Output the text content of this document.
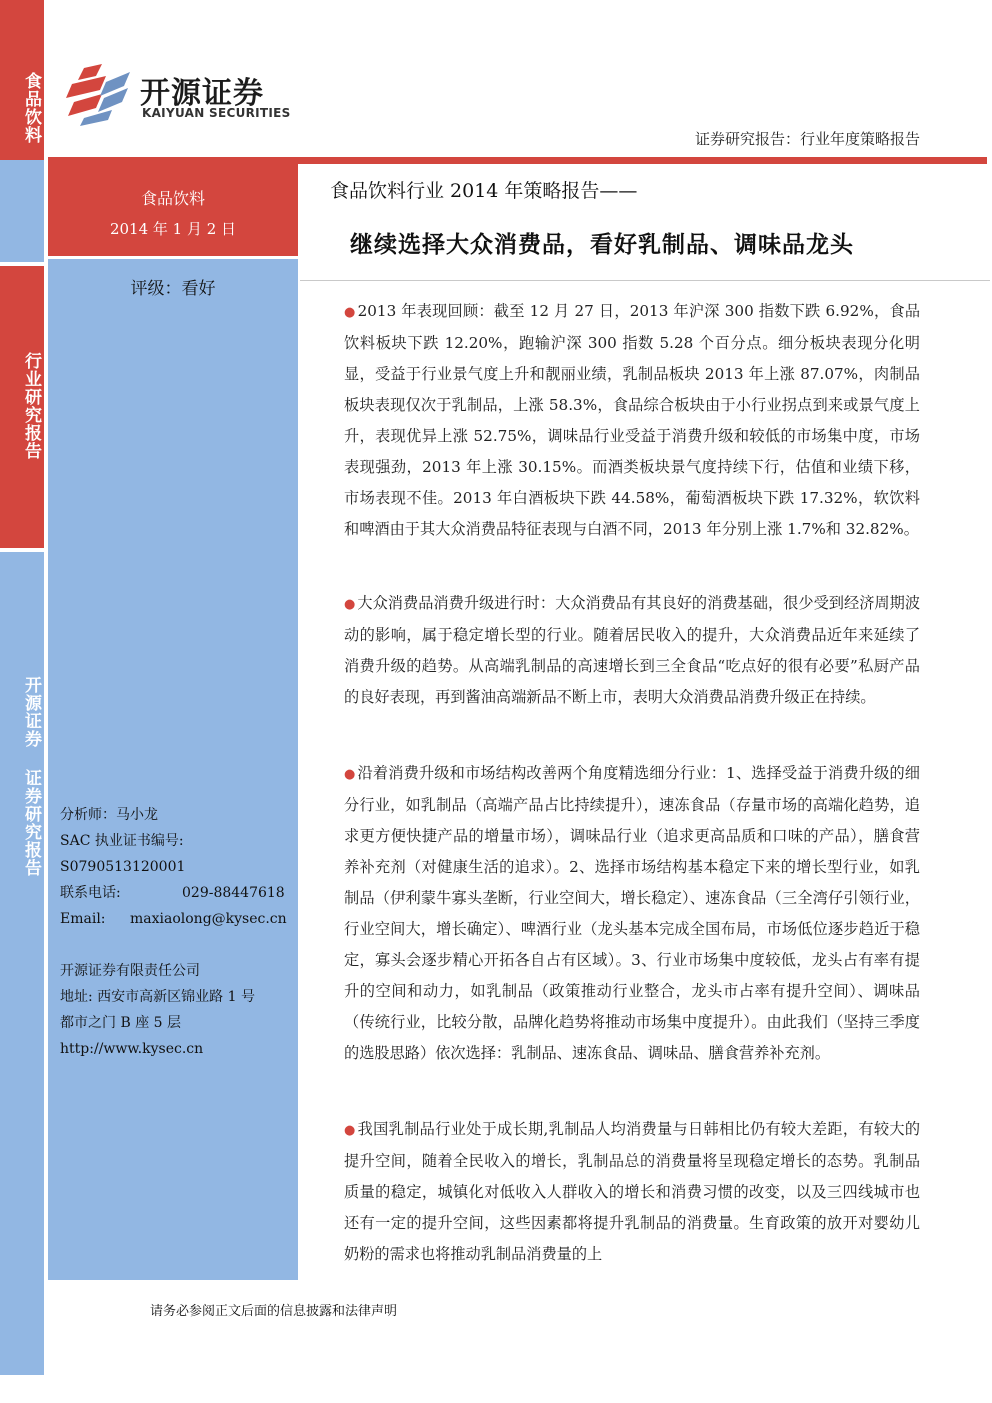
食品饮料
行业研究报告
开源证券 证券研究报告
开源证券
KAIYUAN SECURITIES
证券研究报告：行业年度策略报告
食品饮料
2014 年 1 月 2 日
评级：看好
分析师：马小龙
SAC 执业证书编号:
S0790513120001
联系电话:	029-88447618
Email: maxiaolong@kysec.cn
开源证券有限责任公司
地址: 西安市高新区锦业路 1 号
都市之门 B 座 5 层
http://www.kysec.cn
食品饮料行业 2014 年策略报告——
继续选择大众消费品，看好乳制品、调味品龙头
● 2013 年表现回顾：截至 12 月 27 日，2013 年沪深 300 指数下跌 6.92%，食品饮料板块下跌 12.20%，跑输沪深 300 指数 5.28 个百分点。细分板块表现分化明显，受益于行业景气度上升和靓丽业绩，乳制品板块 2013 年上涨 87.07%，肉制品板块表现仅次于乳制品，上涨 58.3%，食品综合板块由于小行业拐点到来或景气度上升，表现优异上涨 52.75%，调味品行业受益于消费升级和较低的市场集中度，市场表现强劲，2013 年上涨 30.15%。而酒类板块景气度持续下行，估值和业绩下移，市场表现不佳。2013 年白酒板块下跌 44.58%，葡萄酒板块下跌 17.32%，软饮料和啤酒由于其大众消费品特征表现与白酒不同，2013 年分别上涨 1.7%和 32.82%。
● 大众消费品消费升级进行时：大众消费品有其良好的消费基础，很少受到经济周期波动的影响，属于稳定增长型的行业。随着居民收入的提升，大众消费品近年来延续了消费升级的趋势。从高端乳制品的高速增长到三全食品“吃点好的很有必要”私厨产品的良好表现，再到酱油高端新品不断上市，表明大众消费品消费升级正在持续。
● 沿着消费升级和市场结构改善两个角度精选细分行业：1、选择受益于消费升级的细分行业，如乳制品（高端产品占比持续提升），速冻食品（存量市场的高端化趋势，追求更方便快捷产品的增量市场），调味品行业（追求更高品质和口味的产品），膳食营养补充剂（对健康生活的追求）。2、选择市场结构基本稳定下来的增长型行业，如乳制品（伊利蒙牛寡头垄断，行业空间大，增长稳定）、速冻食品（三全湾仔引领行业，行业空间大，增长确定）、啤酒行业（龙头基本完成全国布局，市场低位逐步趋近于稳定，寡头会逐步精心开拓各自占有区域）。3、行业市场集中度较低，龙头占有率有提升的空间和动力，如乳制品（政策推动行业整合，龙头市占率有提升空间）、调味品（传统行业，比较分散，品牌化趋势将推动市场集中度提升）。由此我们（坚持三季度的选股思路）依次选择：乳制品、速冻食品、调味品、膳食营养补充剂。
● 我国乳制品行业处于成长期,乳制品人均消费量与日韩相比仍有较大差距，有较大的提升空间，随着全民收入的增长，乳制品总的消费量将呈现稳定增长的态势。乳制品质量的稳定，城镇化对低收入人群收入的增长和消费习惯的改变，以及三四线城市也还有一定的提升空间，这些因素都将提升乳制品的消费量。生育政策的放开对婴幼儿奶粉的需求也将推动乳制品消费量的上
请务必参阅正文后面的信息披露和法律声明
